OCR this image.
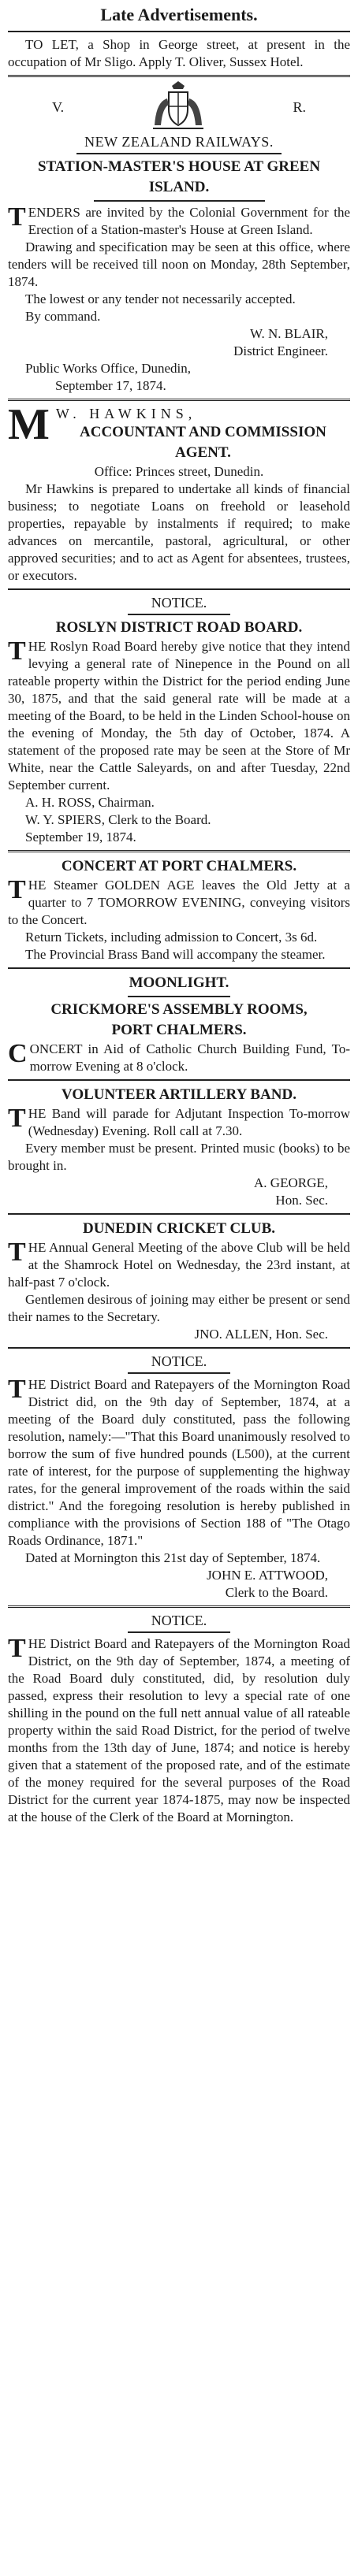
Late Advertisements.

TO LET, a Shop in George street, at present in the occupation of Mr Sligo. Apply T. Oliver, Sussex Hotel.

V.	R.
NEW ZEALAND RAILWAYS.
STATION-MASTER'S HOUSE AT GREEN ISLAND.

TENDERS are invited by the Colonial Government for the Erection of a Station-master's House at Green Island.

Drawing and specification may be seen at this office, where tenders will be received till noon on Monday, 28th September, 1874.

The lowest or any tender not necessarily accepted.

By command.

W. N. BLAIR,
District Engineer.

Public Works Office, Dunedin,

September 17, 1874.

M W. HAWKINS,
ACCOUNTANT AND COMMISSION AGENT.
Office: Princes street, Dunedin.

Mr Hawkins is prepared to undertake all kinds of financial business; to negotiate Loans on freehold or leasehold properties, repayable by instalments if required; to make advances on mercantile, pastoral, agricultural, or other approved securities; and to act as Agent for absentees, trustees, or executors.

NOTICE.
ROSLYN DISTRICT ROAD BOARD.

THE Roslyn Road Board hereby give notice that they intend levying a general rate of Ninepence in the Pound on all rateable property within the District for the period ending June 30, 1875, and that the said general rate will be made at a meeting of the Board, to be held in the Linden School-house on the evening of Monday, the 5th day of October, 1874. A statement of the proposed rate may be seen at the Store of Mr White, near the Cattle Saleyards, on and after Tuesday, 22nd September current.

A. H. ROSS, Chairman.

W. Y. SPIERS, Clerk to the Board.

September 19, 1874.

CONCERT AT PORT CHALMERS.

THE Steamer GOLDEN AGE leaves the Old Jetty at a quarter to 7 TOMORROW EVENING, conveying visitors to the Concert.

Return Tickets, including admission to Concert, 3s 6d.

The Provincial Brass Band will accompany the steamer.

MOONLIGHT.
CRICKMORE'S ASSEMBLY ROOMS,
PORT CHALMERS.

CONCERT in Aid of Catholic Church Building Fund, To-morrow Evening at 8 o'clock.

VOLUNTEER ARTILLERY BAND.

THE Band will parade for Adjutant Inspection To-morrow (Wednesday) Evening. Roll call at 7.30.

Every member must be present. Printed music (books) to be brought in.

A. GEORGE,
Hon. Sec.
DUNEDIN CRICKET CLUB.

THE Annual General Meeting of the above Club will be held at the Shamrock Hotel on Wednesday, the 23rd instant, at half-past 7 o'clock.

Gentlemen desirous of joining may either be present or send their names to the Secretary.

JNO. ALLEN, Hon. Sec.
NOTICE.

THE District Board and Ratepayers of the Mornington Road District did, on the 9th day of September, 1874, at a meeting of the Board duly constituted, pass the following resolution, namely:—"That this Board unanimously resolved to borrow the sum of five hundred pounds (L500), at the current rate of interest, for the purpose of supplementing the highway rates, for the general improvement of the roads within the said district." And the foregoing resolution is hereby published in compliance with the provisions of Section 188 of "The Otago Roads Ordinance, 1871."

Dated at Mornington this 21st day of September, 1874.

JOHN E. ATTWOOD,
Clerk to the Board.
NOTICE.

THE District Board and Ratepayers of the Mornington Road District, on the 9th day of September, 1874, a meeting of the Road Board duly constituted, did, by resolution duly passed, express their resolution to levy a special rate of one shilling in the pound on the full nett annual value of all rateable property within the said Road District, for the period of twelve months from the 13th day of June, 1874; and notice is hereby given that a statement of the proposed rate, and of the estimate of the money required for the several purposes of the Road District for the current year 1874-1875, may now be inspected at the house of the Clerk of the Board at Mornington.
